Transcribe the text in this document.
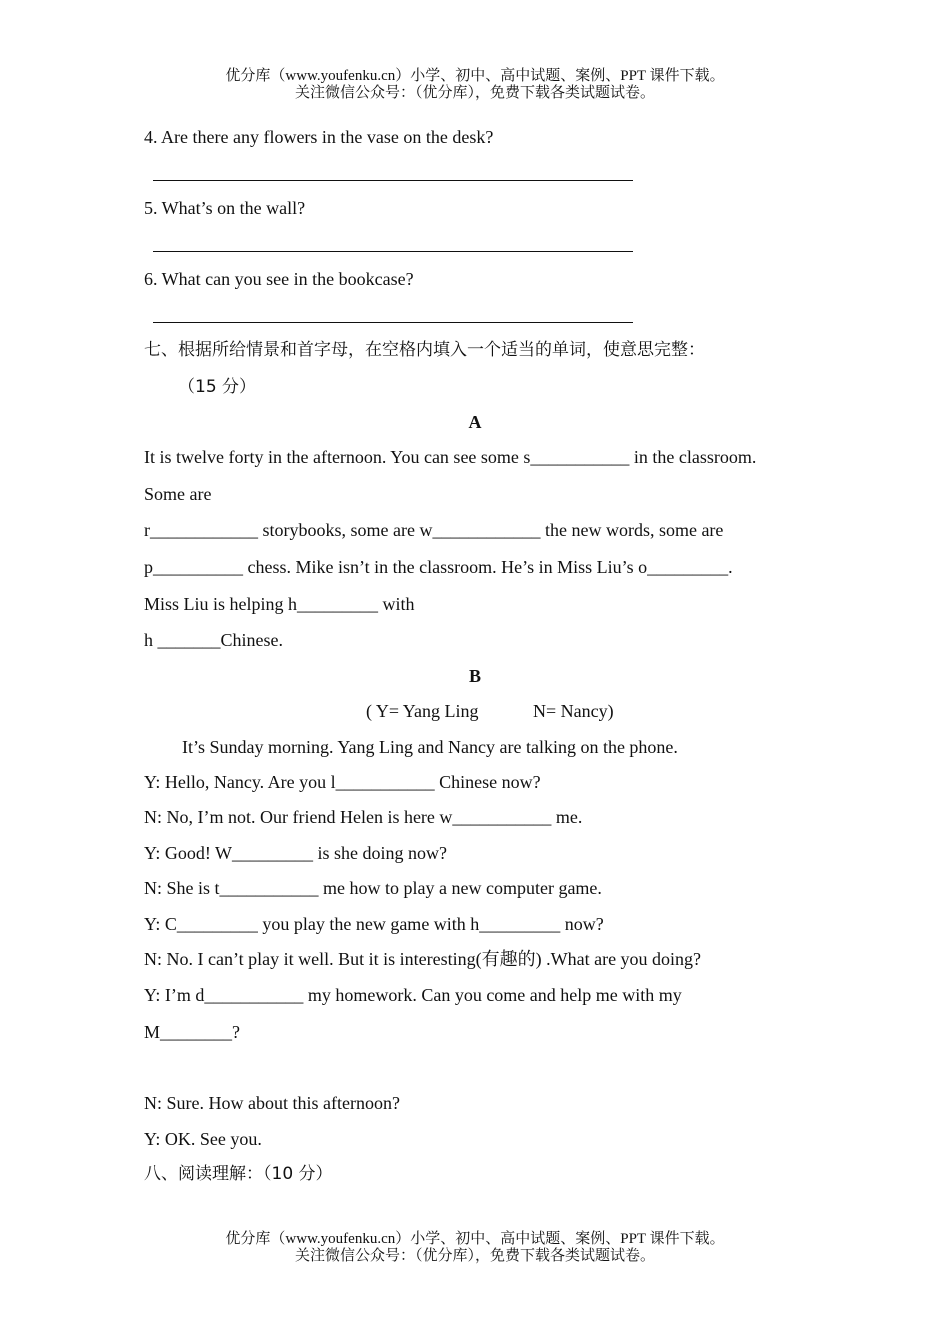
优分库（www.youfenku.cn）小学、初中、高中试题、案例、PPT 课件下载。
关注微信公众号：（优分库），免费下载各类试题试卷。
4. Are there any flowers in the vase on the desk?
5. What’s on the wall?
6. What can you see in the bookcase?
七、根据所给情景和首字母，在空格内填入一个适当的单词，使意思完整：
（15 分）
A
It is twelve forty in the afternoon. You can see some s___________ in the classroom.
Some are
r____________ storybooks, some are w____________ the new words, some are
p__________ chess. Mike isn’t in the classroom. He’s in Miss Liu’s o_________.
Miss Liu is helping h_________ with
h _______Chinese.
B
( Y= Yang Ling	N= Nancy)
It’s Sunday morning. Yang Ling and Nancy are talking on the phone.
Y: Hello, Nancy. Are you l___________ Chinese now?
N: No, I’m not. Our friend Helen is here w___________ me.
Y: Good! W_________ is she doing now?
N: She is t___________ me how to play a new computer game.
Y: C_________ you play the new game with h_________ now?
N: No. I can’t play it well. But it is interesting(有趣的) .What are you doing?
Y: I’m d___________ my homework. Can you come and help me with my
M________?
N: Sure. How about this afternoon?
Y: OK. See you.
八、阅读理解：（10 分）
优分库（www.youfenku.cn）小学、初中、高中试题、案例、PPT 课件下载。
关注微信公众号：（优分库），免费下载各类试题试卷。
